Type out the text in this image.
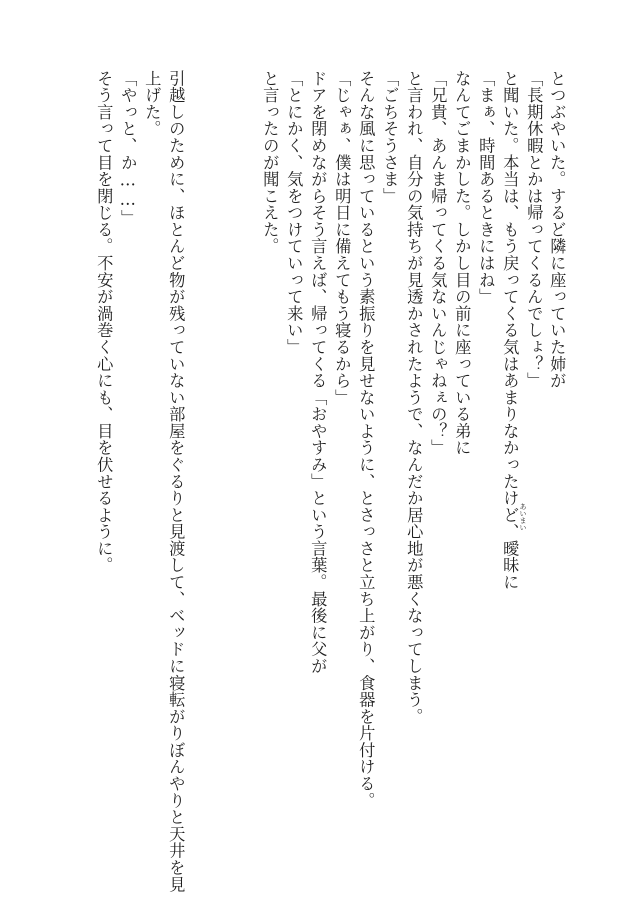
とつぶやいた。するど隣に座っていた姉が
「長期休暇とかは帰ってくるんでしょ？」
と聞いた。本当は、もう戻ってくる気はあまりなかったけど、曖昧に あいまい
「まぁ、時間あるときにはね」
なんてごまかした。しかし目の前に座っている弟に
「兄貴、あんま帰ってくる気ないんじゃねぇの？」
と言われ、自分の気持ちが見透かされたようで、なんだか居心地が悪くなってしまう。
「ごちそうさま」
そんな風に思っているという素振りを見せないように、とさっさと立ち上がり、食器を片付ける。
「じゃぁ、僕は明日に備えてもう寝るから」
ドアを閉めながらそう言えば、帰ってくる「おやすみ」という言葉。最後に父が
「とにかく、気をつけていって来い」
と言ったのが聞こえた。
引越しのために、ほとんど物が残っていない部屋をぐるりと見渡して、ベッドに寝転がりぼんやりと天井を見
上げた。
「やっと、か……」
そう言って目を閉じる。不安が渦巻く心にも、目を伏せるように。
